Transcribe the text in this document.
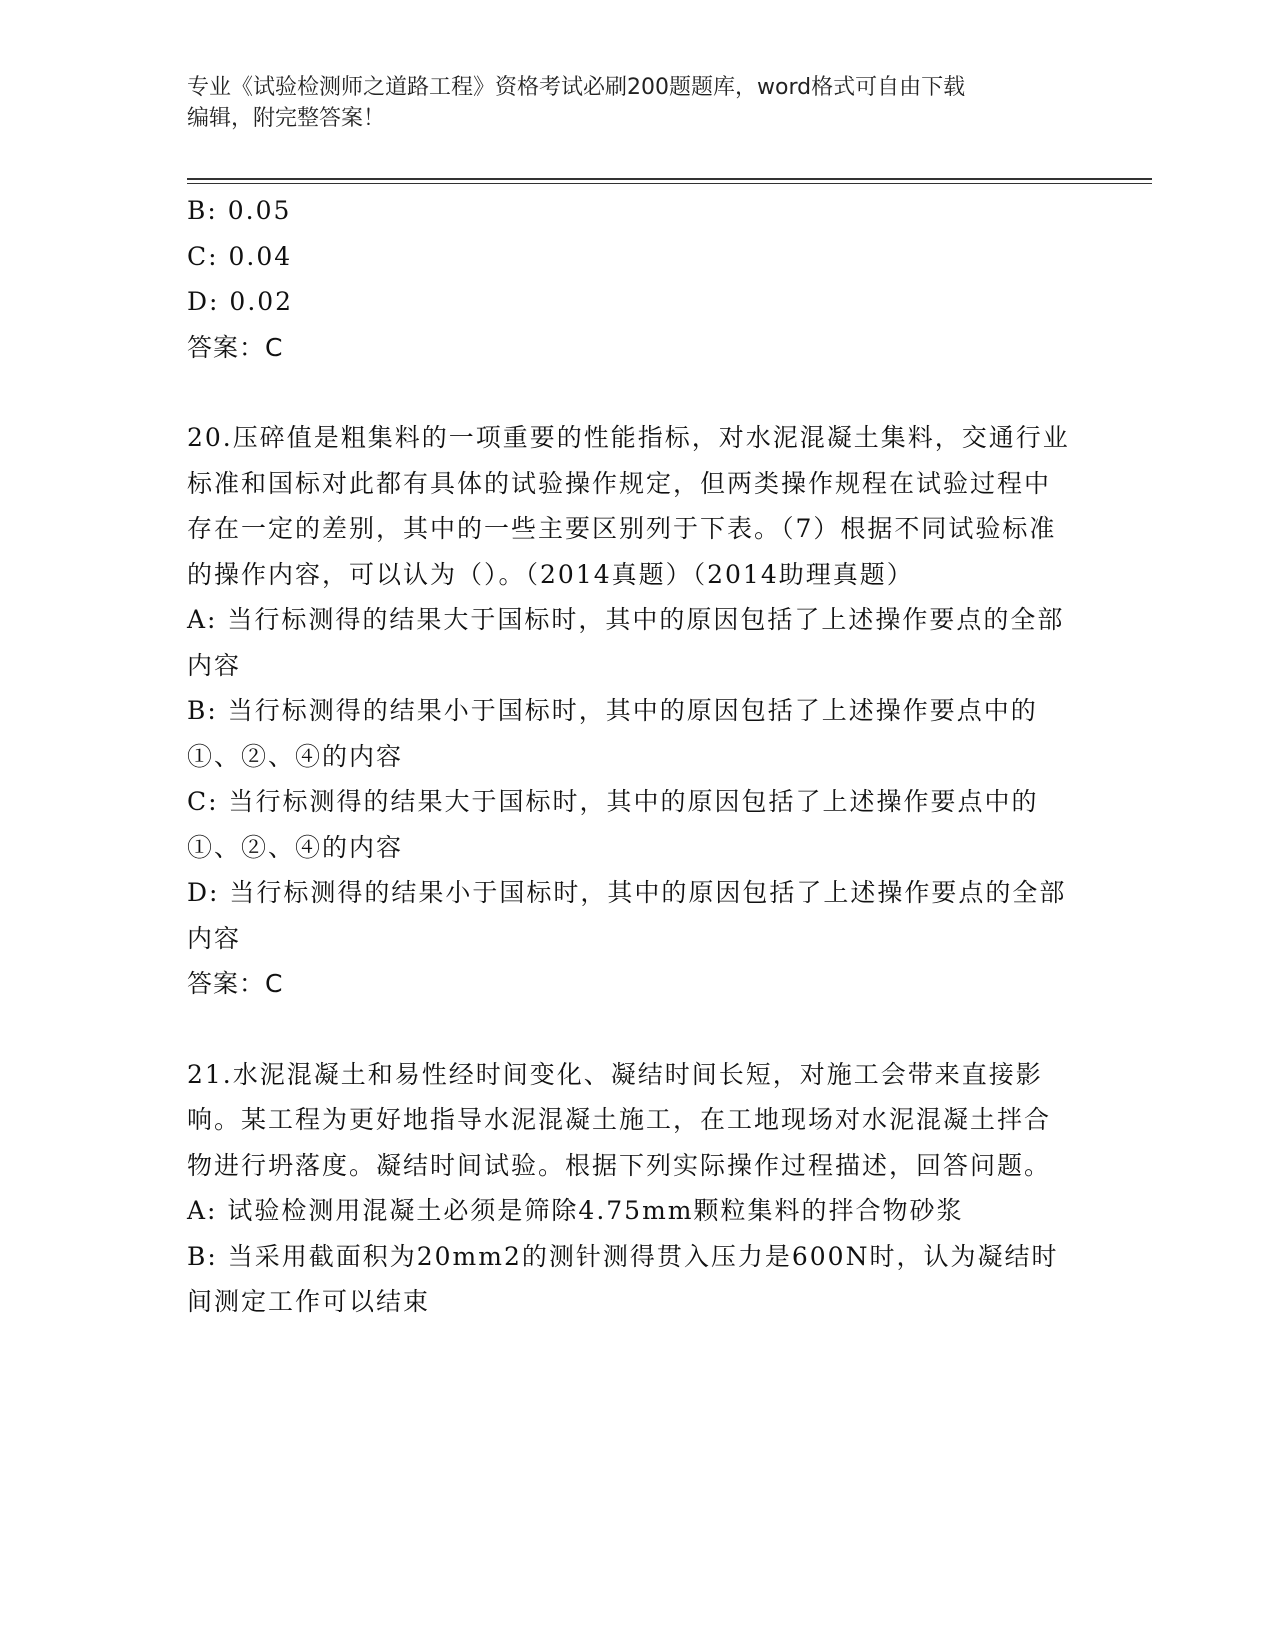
专业《试验检测师之道路工程》资格考试必刷200题题库，word格式可自由下载
编辑，附完整答案！
B: 0.05
C: 0.04
D: 0.02
答案：C
20.压碎值是粗集料的一项重要的性能指标，对水泥混凝土集料，交通行业标准和国标对此都有具体的试验操作规定，但两类操作规程在试验过程中存在一定的差别，其中的一些主要区别列于下表。（7）根据不同试验标准的操作内容，可以认为（）。（2014真题）（2014助理真题）
A: 当行标测得的结果大于国标时，其中的原因包括了上述操作要点的全部内容
B: 当行标测得的结果小于国标时，其中的原因包括了上述操作要点中的①、②、④的内容
C: 当行标测得的结果大于国标时，其中的原因包括了上述操作要点中的①、②、④的内容
D: 当行标测得的结果小于国标时，其中的原因包括了上述操作要点的全部内容
答案：C
21.水泥混凝土和易性经时间变化、凝结时间长短，对施工会带来直接影响。某工程为更好地指导水泥混凝土施工，在工地现场对水泥混凝土拌合物进行坍落度。凝结时间试验。根据下列实际操作过程描述，回答问题。
A: 试验检测用混凝土必须是筛除4.75mm颗粒集料的拌合物砂浆
B: 当采用截面积为20mm2的测针测得贯入压力是600N时，认为凝结时间测定工作可以结束
